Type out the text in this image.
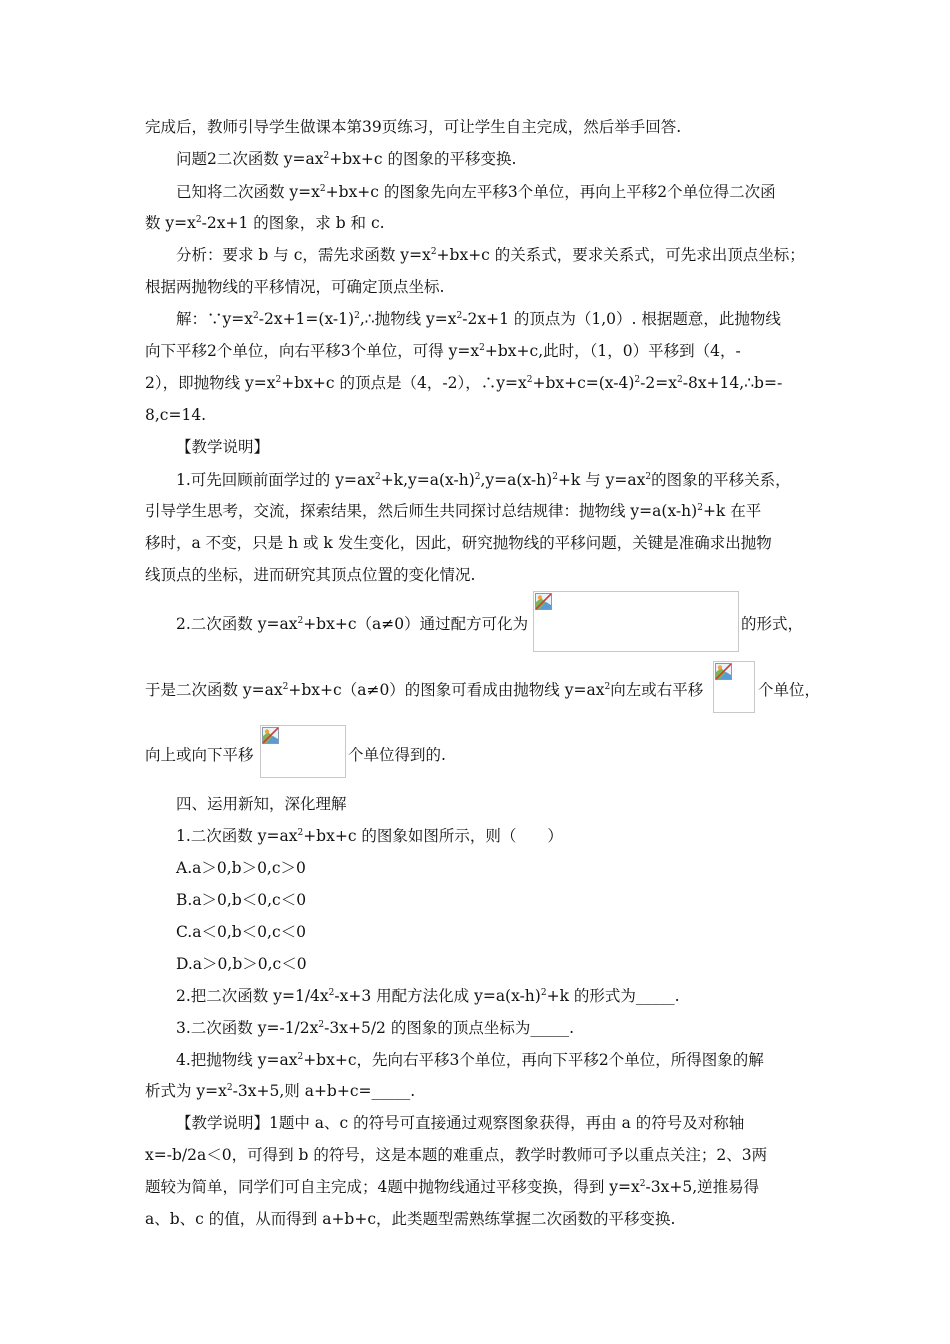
完成后，教师引导学生做课本第39页练习，可让学生自主完成，然后举手回答.
问题2二次函数 $y=ax^2+bx+c$ 的图象的平移变换.
已知将二次函数 $y=x^2+bx+c$ 的图象先向左平移3个单位，再向上平移2个单位得二次函
数 $y=x^2-2x+1$ 的图象，求 b 和 c.
分析：要求 b 与 c，需先求函数 $y=x^2+bx+c$ 的关系式，要求关系式，可先求出顶点坐标；
根据两抛物线的平移情况，可确定顶点坐标.
解：$\because y=x^2-2x+1=(x-1)^2,\therefore$抛物线 $y=x^2-2x+1$ 的顶点为（1,0）. 根据题意，此抛物线
向下平移2个单位，向右平移3个单位，可得 $y=x^2+bx+c$,此时，（1，0）平移到（4，-
2），即抛物线 $y=x^2+bx+c$ 的顶点是（4，-2），$\therefore y=x^2+bx+c=(x-4)^2-2=x^2-8x+14,\therefore b=-$
8,c=14.
【教学说明】
1.可先回顾前面学过的 $y=ax^2+k,y=a(x-h)^2,y=a(x-h)^2+k$ 与 $y=ax^2$的图象的平移关系，
引导学生思考，交流，探索结果，然后师生共同探讨总结规律：抛物线 $y=a(x-h)^2+k$ 在平
移时，a 不变，只是 h 或 k 发生变化，因此，研究抛物线的平移问题，关键是准确求出抛物
线顶点的坐标，进而研究其顶点位置的变化情况.
2.二次函数 $y=ax^2+bx+c(a\ne 0)$通过配方可化为	的形式，
于是二次函数 $y=ax^2+bx+c(a\ne 0)$的图象可看成由抛物线 $y=ax^2$向左或右平移	个单位，
向上或向下平移	个单位得到的.
四、运用新知，深化理解
1.二次函数 $y=ax^2+bx+c$ 的图象如图所示，则（　　）
A.a＞0,b＞0,c＞0
B.a＞0,b＜0,c＜0
C.a＜0,b＜0,c＜0
D.a＞0,b＞0,c＜0
2.把二次函数 $y=1/4x^2-x+3$ 用配方法化成 $y=a(x-h)^2+k$ 的形式为_____.
3.二次函数 $y=-1/2x^2-3x+5/2$ 的图象的顶点坐标为_____.
4.把抛物线 $y=ax^2+bx+c$，先向右平移3个单位，再向下平移2个单位，所得图象的解
析式为 $y=x^2-3x+5$,则 a+b+c=_____.
【教学说明】1题中 a、c 的符号可直接通过观察图象获得，再由 a 的符号及对称轴
x=-b/2a＜0，可得到 b 的符号，这是本题的难重点，教学时教师可予以重点关注；2、3两
题较为简单，同学们可自主完成；4题中抛物线通过平移变换，得到 $y=x^2-3x+5$,逆推易得
a、b、c 的值，从而得到 a+b+c，此类题型需熟练掌握二次函数的平移变换.
